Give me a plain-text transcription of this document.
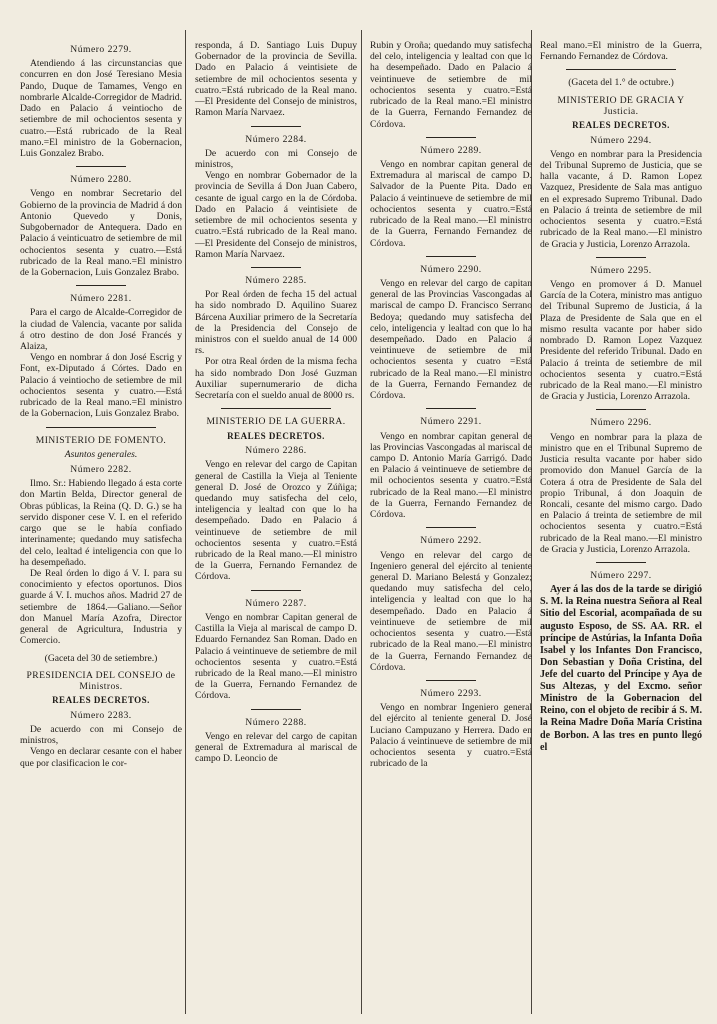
Número 2279.

Atendiendo á las circunstancias que concurren en don José Teresiano Mesia Pando, Duque de Tamames, Vengo en nombrarle Alcalde-Corregidor de Madrid. Dado en Palacio á veintiocho de setiembre de mil ochocientos sesenta y cuatro.—Está rubricado de la Real mano.=El ministro de la Gobernacion, Luis Gonzalez Brabo.

Número 2280.

Vengo en nombrar Secretario del Gobierno de la provincia de Madrid á don Antonio Quevedo y Donis, Subgobernador de Antequera. Dado en Palacio á veinticuatro de setiembre de mil ochocientos sesenta y cuatro.—Está rubricado de la Real mano.=El ministro de la Gobernacion, Luis Gonzalez Brabo.

Número 2281.

Para el cargo de Alcalde-Corregidor de la ciudad de Valencia, vacante por salida á otro destino de don José Francés y Alaiza,

Vengo en nombrar á don José Escrig y Font, ex-Diputado á Córtes. Dado en Palacio á veintiocho de setiembre de mil ochocientos sesenta y cuatro.—Está rubricado de la Real mano.=El ministro de la Gobernacion, Luis Gonzalez Brabo.

MINISTERIO DE FOMENTO.
Asuntos generales.
Número 2282.

Ilmo. Sr.: Habiendo llegado á esta corte don Martin Belda, Director general de Obras públicas, la Reina (Q. D. G.) se ha servido disponer cese V. I. en el referido cargo que se le había confiado interinamente; quedando muy satisfecha del celo, lealtad é inteligencia con que lo ha desempeñado.

De Real órden lo digo á V. I. para su conocimiento y efectos oportunos. Dios guarde á V. I. muchos años. Madrid 27 de setiembre de 1864.—Galiano.—Señor don Manuel María Azofra, Director general de Agricultura, Industria y Comercio.

(Gaceta del 30 de setiembre.)
PRESIDENCIA DEL CONSEJO de Ministros.
REALES DECRETOS.
Número 2283.

De acuerdo con mi Consejo de ministros,

Vengo en declarar cesante con el haber que por clasificacion le cor-

responda, á D. Santiago Luis Dupuy Gobernador de la provincia de Sevilla. Dado en Palacio á veintisiete de setiembre de mil ochocientos sesenta y cuatro.=Está rubricado de la Real mano.—El Presidente del Consejo de ministros, Ramon María Narvaez.

Número 2284.

De acuerdo con mi Consejo de ministros,

Vengo en nombrar Gobernador de la provincia de Sevilla á Don Juan Cabero, cesante de igual cargo en la de Córdoba. Dado en Palacio á veintisiete de setiembre de mil ochocientos sesenta y cuatro.=Está rubricado de la Real mano.—El Presidente del Consejo de ministros, Ramon María Narvaez.

Número 2285.

Por Real órden de fecha 15 del actual ha sido nombrado D. Aquilino Suarez Bárcena Auxiliar primero de la Secretaría de la Presidencia del Consejo de ministros con el sueldo anual de 14 000 rs.

Por otra Real órden de la misma fecha ha sido nombrado Don José Guzman Auxiliar supernumerario de dicha Secretaría con el sueldo anual de 8000 rs.

MINISTERIO DE LA GUERRA.
REALES DECRETOS.
Número 2286.

Vengo en relevar del cargo de Capitan general de Castilla la Vieja al Teniente general D. José de Orozco y Zúñiga; quedando muy satisfecha del celo, inteligencia y lealtad con que lo ha desempeñado. Dado en Palacio á veintinueve de setiembre de mil ochocientos sesenta y cuatro.=Está rubricado de la Real mano.—El ministro de la Guerra, Fernando Fernandez de Córdova.

Número 2287.

Vengo en nombrar Capitan general de Castilla la Vieja al mariscal de campo D. Eduardo Fernandez San Roman. Dado en Palacio á veintinueve de setiembre de mil ochocientos sesenta y cuatro.=Está rubricado de la Real mano.—El ministro de la Guerra, Fernando Fernandez de Córdova.

Número 2288.

Vengo en relevar del cargo de capitan general de Extremadura al mariscal de campo D. Leoncio de

Rubin y Oroña; quedando muy satisfecha del celo, inteligencia y lealtad con que lo ha desempeñado. Dado en Palacio á veintinueve de setiembre de mil ochocientos sesenta y cuatro.=Está rubricado de la Real mano.=El ministro de la Guerra, Fernando Fernandez de Córdova.

Número 2289.

Vengo en nombrar capitan general de Extremadura al mariscal de campo D. Salvador de la Puente Pita. Dado en Palacio á veintinueve de setiembre de mil ochocientos sesenta y cuatro.=Está rubricado de la Real mano.—El ministro de la Guerra, Fernando Fernandez de Córdova.

Número 2290.

Vengo en relevar del cargo de capitan general de las Provincias Vascongadas al mariscal de campo D. Francisco Serrano Bedoya; quedando muy satisfecha del celo, inteligencia y lealtad con que lo ha desempeñado. Dado en Palacio á veintinueve de setiembre de mil ochocientos sesenta y cuatro =Está rubricado de la Real mano.—El ministro de la Guerra, Fernando Fernandez de Córdova.

Número 2291.

Vengo en nombrar capitan general de las Provincias Vascongadas al mariscal de campo D. Antonio María Garrigó. Dado en Palacio á veintinueve de setiembre de mil ochocientos sesenta y cuatro.=Está rubricado de la Real mano.—El ministro de la Guerra, Fernando Fernandez de Córdova.

Número 2292.

Vengo en relevar del cargo de Ingeniero general del ejército al teniente general D. Mariano Belestá y Gonzalez; quedando muy satisfecha del celo, inteligencia y lealtad con que lo ha desempeñado. Dado en Palacio á veintinueve de setiembre de mil ochocientos sesenta y cuatro.—Está rubricado de la Real mano.—El ministro de la Guerra, Fernando Fernandez de Córdova.

Número 2293.

Vengo en nombrar Ingeniero general del ejército al teniente general D. José Luciano Campuzano y Herrera. Dado en Palacio á veintinueve de setiembre de mil ochocientos sesenta y cuatro.=Está rubricado de la

Real mano.=El ministro de la Guerra, Fernando Fernandez de Córdova.

(Gaceta del 1.° de octubre.)
MINISTERIO DE GRACIA Y Justicia.
REALES DECRETOS.
Número 2294.

Vengo en nombrar para la Presidencia del Tribunal Supremo de Justicia, que se halla vacante, á D. Ramon Lopez Vazquez, Presidente de Sala mas antiguo en el expresado Supremo Tribunal. Dado en Palacio á treinta de setiembre de mil ochocientos sesenta y cuatro.=Está rubricado de la Real mano.—El ministro de Gracia y Justicia, Lorenzo Arrazola.

Número 2295.

Vengo en promover á D. Manuel García de la Cotera, ministro mas antiguo del Tribunal Supremo de Justicia, á la Plaza de Presidente de Sala que en el mismo resulta vacante por haber sido nombrado D. Ramon Lopez Vazquez Presidente del referido Tribunal. Dado en Palacio á treinta de setiembre de mil ochocientos sesenta y cuatro.=Está rubricado de la Real mano.—El ministro de Gracia y Justicia, Lorenzo Arrazola.

Número 2296.

Vengo en nombrar para la plaza de ministro que en el Tribunal Supremo de Justicia resulta vacante por haber sido promovido don Manuel García de la Cotera á otra de Presidente de Sala del propio Tribunal, á don Joaquin de Roncali, cesante del mismo cargo. Dado en Palacio á treinta de setiembre de mil ochocientos sesenta y cuatro.=Está rubricado de la Real mano.—El ministro de Gracia y Justicia, Lorenzo Arrazola.

Número 2297.

Ayer á las dos de la tarde se dirigió S. M. la Reina nuestra Señora al Real Sitio del Escorial, acompañada de su augusto Esposo, de SS. AA. RR. el príncipe de Astúrias, la Infanta Doña Isabel y los Infantes Don Francisco, Don Sebastian y Doña Cristina, del Jefe del cuarto del Príncipe y Aya de Sus Altezas, y del Excmo. señor Ministro de la Gobernacion del Reino, con el objeto de recibir á S. M. la Reina Madre Doña María Cristina de Borbon. A las tres en punto llegó el
